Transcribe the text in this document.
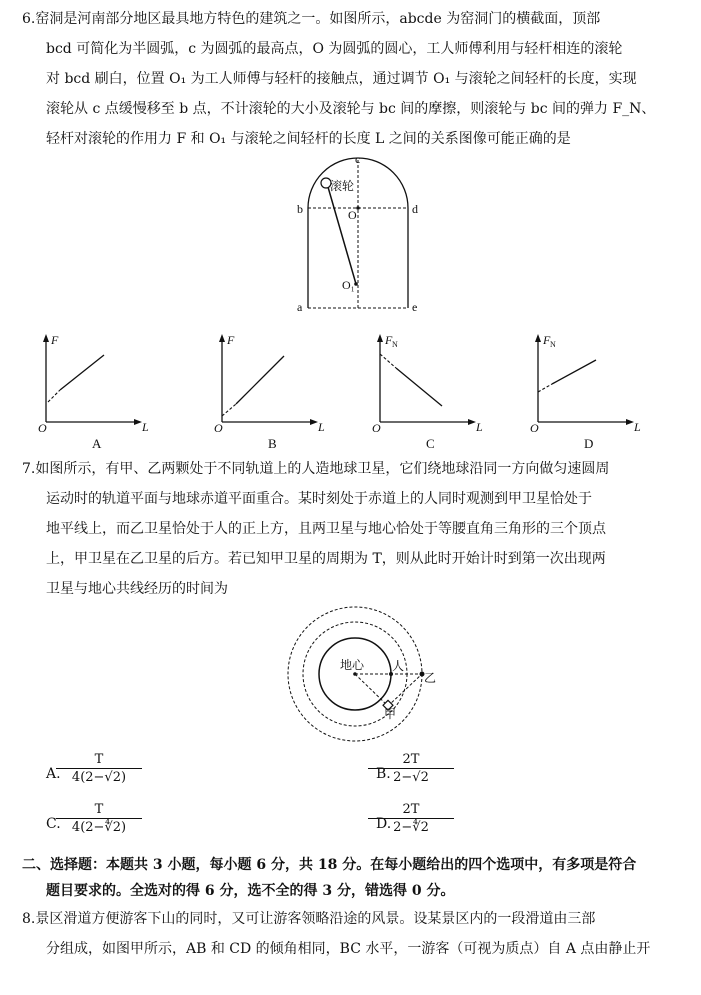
6.窑洞是河南部分地区最具地方特色的建筑之一。如图所示，abcde 为窑洞门的横截面，顶部
bcd 可简化为半圆弧，c 为圆弧的最高点，O 为圆弧的圆心，工人师傅利用与轻杆相连的滚轮
对 bcd 刷白，位置 O₁ 为工人师傅与轻杆的接触点，通过调节 O₁ 与滚轮之间轻杆的长度，实现
滚轮从 c 点缓慢移至 b 点，不计滚轮的大小及滚轮与 bc 间的摩擦，则滚轮与 bc 间的弹力 F_N、
轻杆对滚轮的作用力 F 和 O₁ 与滚轮之间轻杆的长度 L 之间的关系图像可能正确的是
c
滚轮
b	d
O
O₁
a	e
F
L
O
A
F
L
O
B
F N
L
O
C
F N
L
O
D
7.如图所示，有甲、乙两颗处于不同轨道上的人造地球卫星，它们绕地球沿同一方向做匀速圆周
运动时的轨道平面与地球赤道平面重合。某时刻处于赤道上的人同时观测到甲卫星恰处于
地平线上，而乙卫星恰处于人的正上方，且两卫星与地心恰处于等腰直角三角形的三个顶点
上，甲卫星在乙卫星的后方。若已知甲卫星的周期为 T，则从此时开始计时到第一次出现两
卫星与地心共线经历的时间为
地心 人
乙
甲
A.
T
4(2−√2)	B.
2T
2−√2
C.
T
4(2−∜2)	D.
2T
2−∜2
二、选择题：本题共 3 小题，每小题 6 分，共 18 分。在每小题给出的四个选项中，有多项是符合
题目要求的。全选对的得 6 分，选不全的得 3 分，错选得 0 分。
8.景区滑道方便游客下山的同时，又可让游客领略沿途的风景。设某景区内的一段滑道由三部
分组成，如图甲所示，AB 和 CD 的倾角相同，BC 水平，一游客（可视为质点）自 A 点由静止开
